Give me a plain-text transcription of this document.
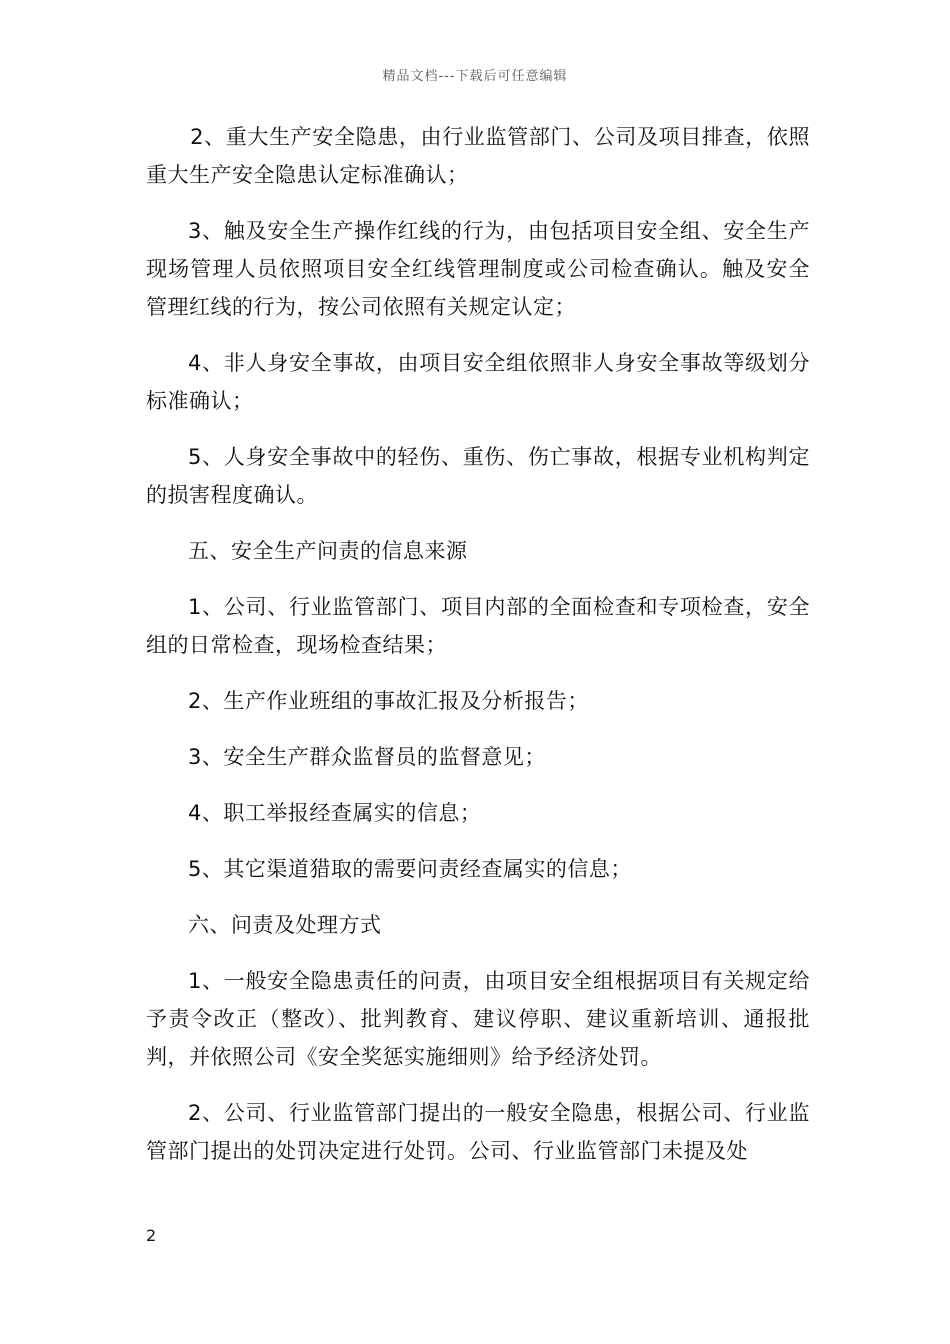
精品文档---下载后可任意编辑

2、重大生产安全隐患，由行业监管部门、公司及项目排查，依照重大生产安全隐患认定标准确认；

3、触及安全生产操作红线的行为，由包括项目安全组、安全生产现场管理人员依照项目安全红线管理制度或公司检查确认。触及安全管理红线的行为，按公司依照有关规定认定；

4、非人身安全事故，由项目安全组依照非人身安全事故等级划分标准确认；

5、人身安全事故中的轻伤、重伤、伤亡事故，根据专业机构判定的损害程度确认。

五、安全生产问责的信息来源

1、公司、行业监管部门、项目内部的全面检查和专项检查，安全组的日常检查，现场检查结果；

2、生产作业班组的事故汇报及分析报告；

3、安全生产群众监督员的监督意见；

4、职工举报经查属实的信息；

5、其它渠道猎取的需要问责经查属实的信息；

六、问责及处理方式

1、一般安全隐患责任的问责，由项目安全组根据项目有关规定给予责令改正（整改）、批判教育、建议停职、建议重新培训、通报批判，并依照公司《安全奖惩实施细则》给予经济处罚。

2、公司、行业监管部门提出的一般安全隐患，根据公司、行业监管部门提出的处罚决定进行处罚。公司、行业监管部门未提及处

2
